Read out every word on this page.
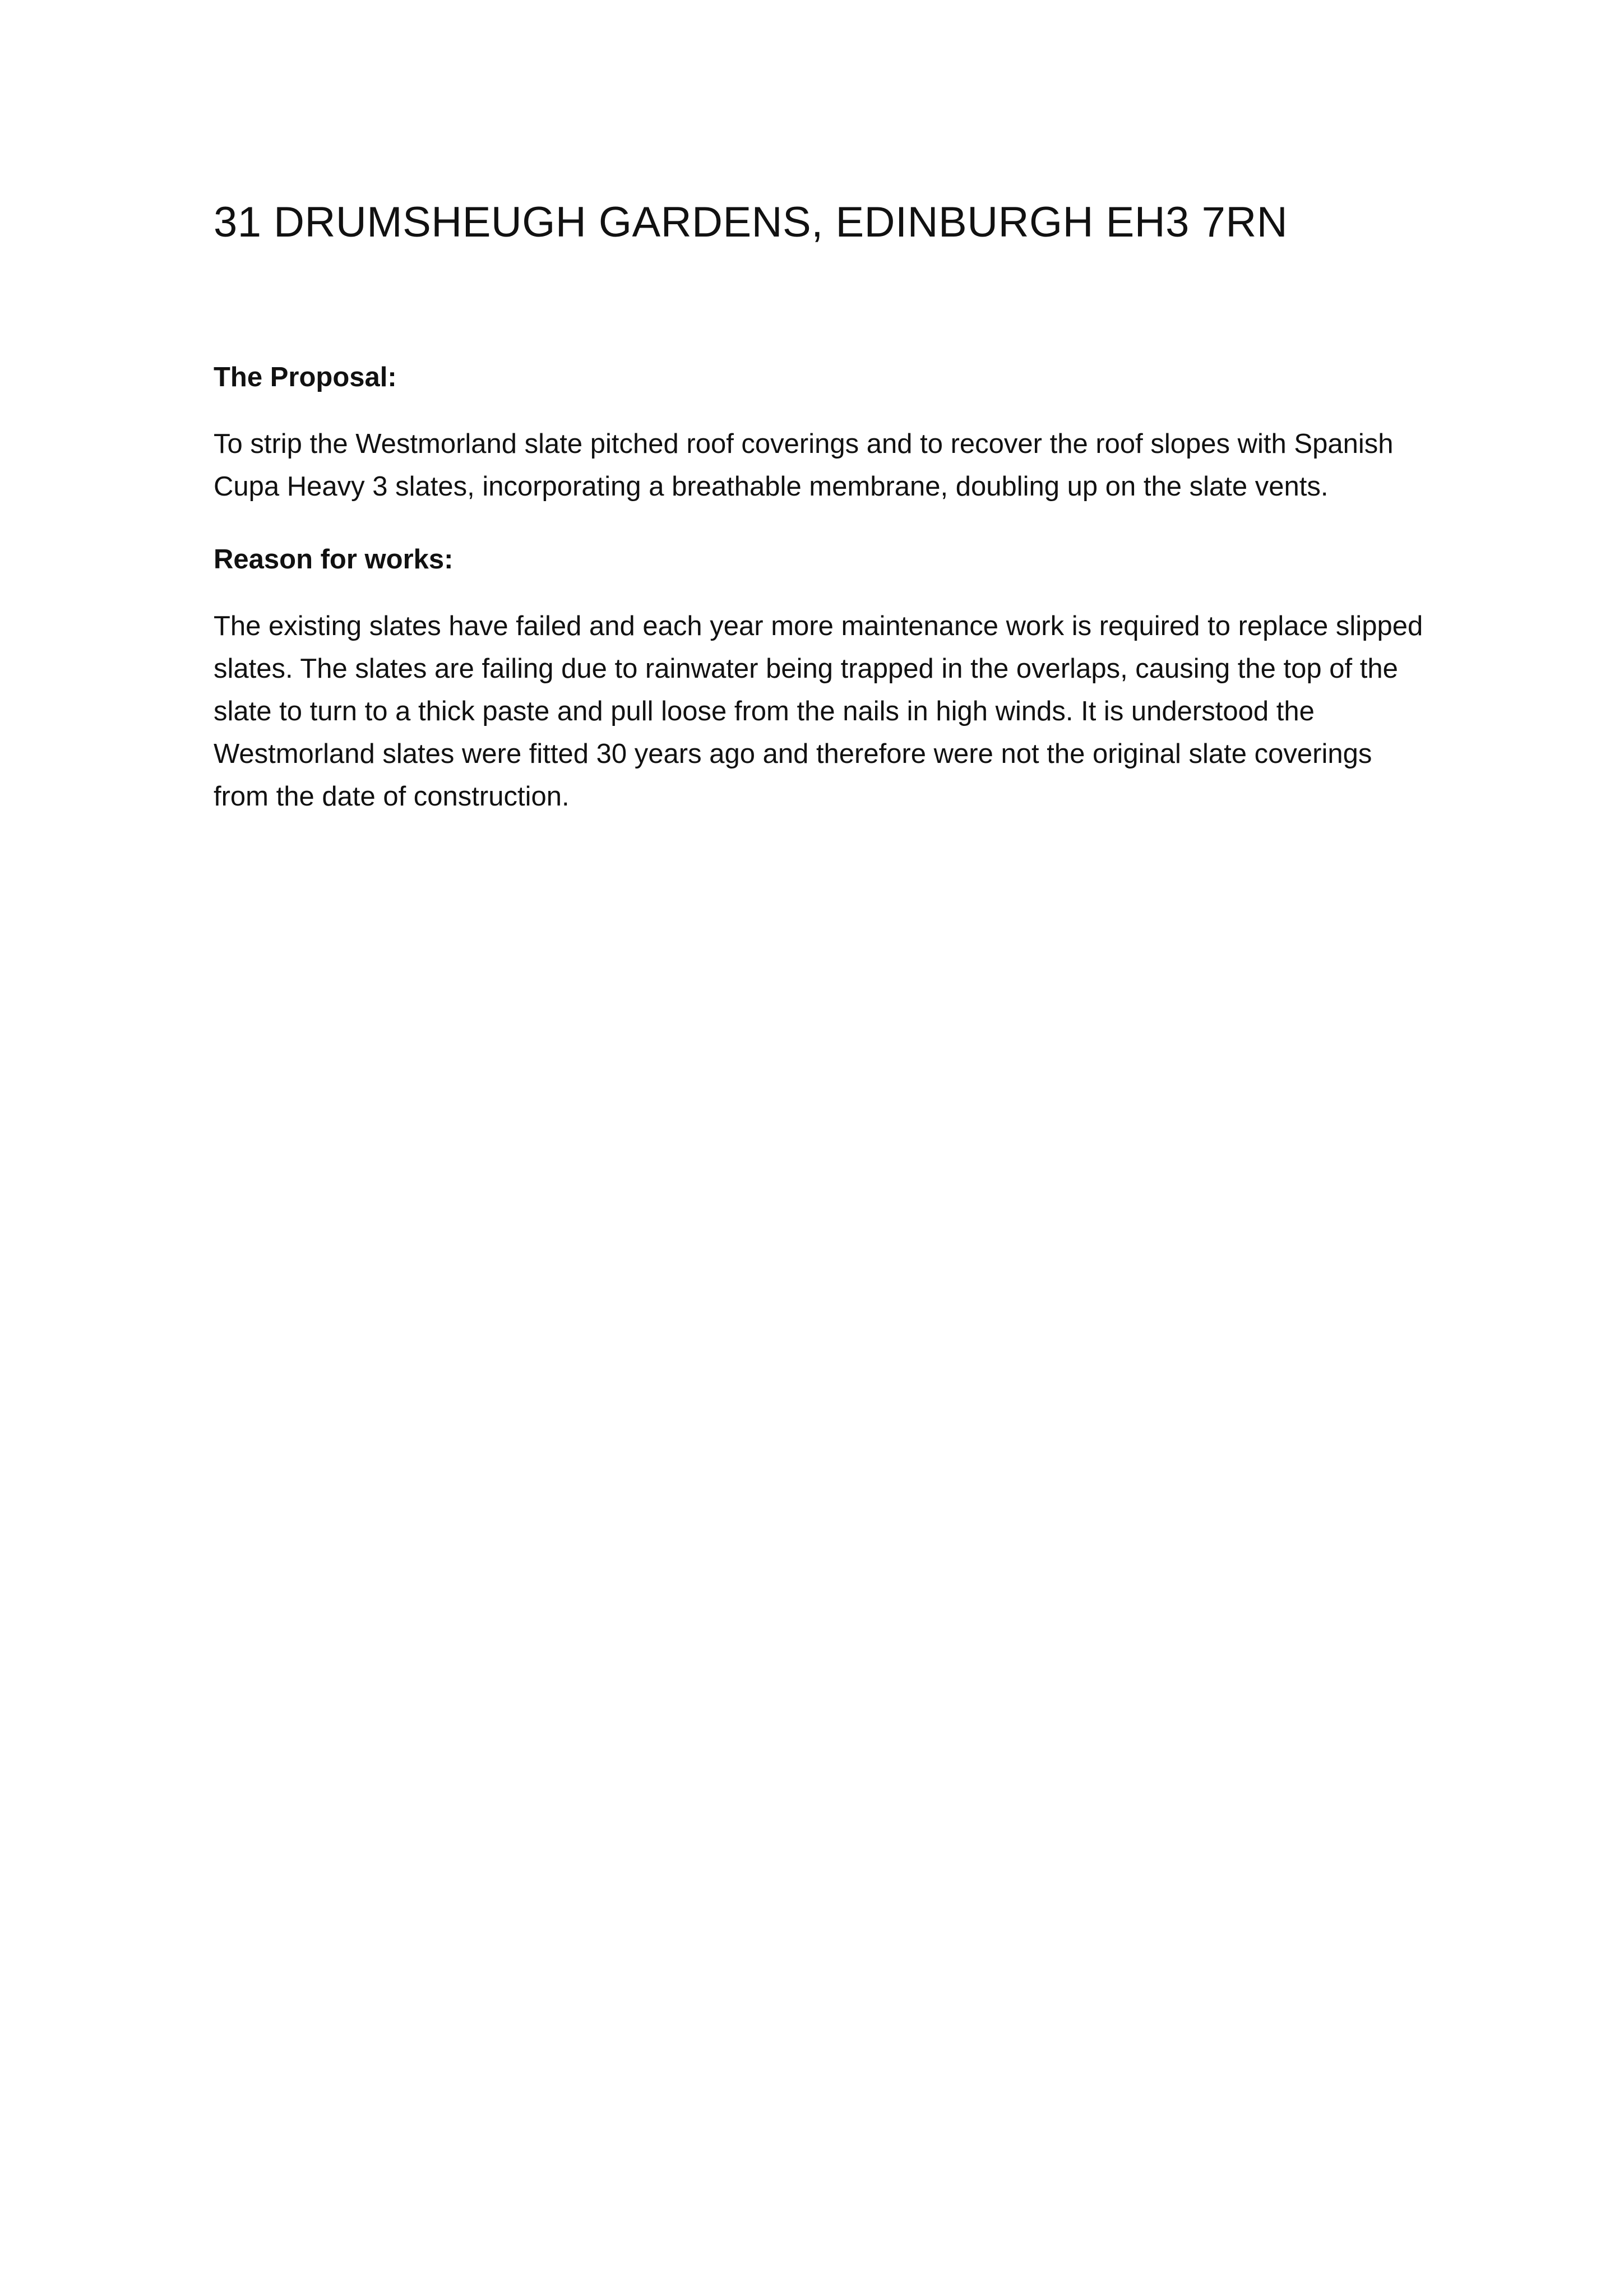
31 DRUMSHEUGH GARDENS, EDINBURGH EH3 7RN
The Proposal:

To strip the Westmorland slate pitched roof coverings and to recover the roof slopes with Spanish Cupa Heavy 3 slates, incorporating a breathable membrane, doubling up on the slate vents.

Reason for works:

The existing slates have failed and each year more maintenance work is required to replace slipped slates. The slates are failing due to rainwater being trapped in the overlaps, causing the top of the slate to turn to a thick paste and pull loose from the nails in high winds. It is understood the Westmorland slates were fitted 30 years ago and therefore were not the original slate coverings from the date of construction.
